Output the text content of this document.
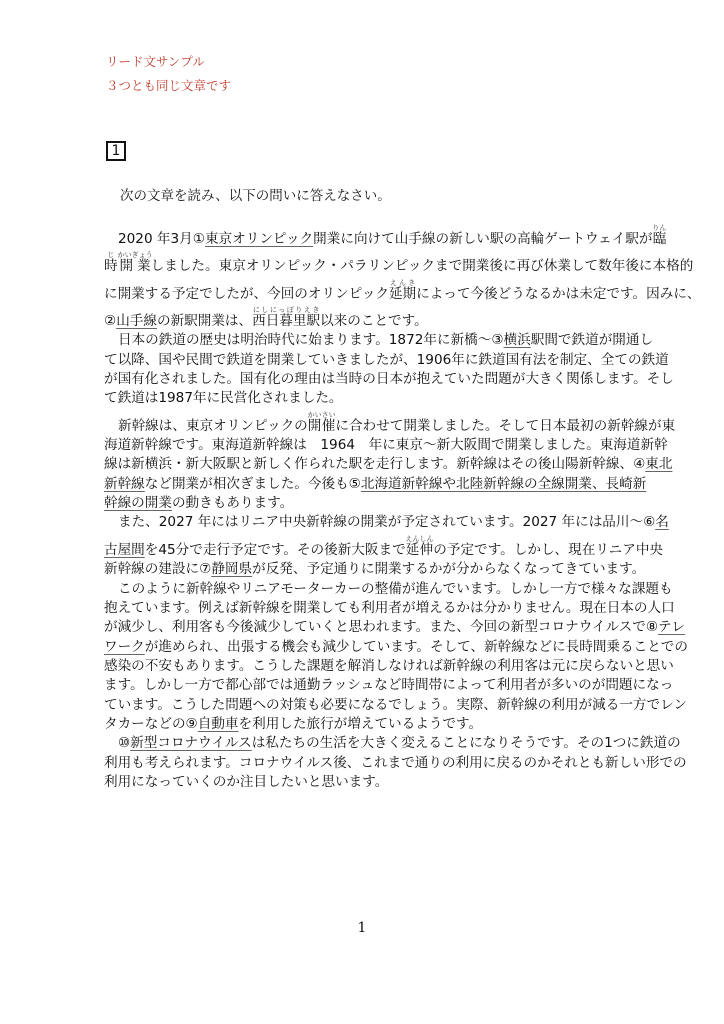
リード文サンプル
３つとも同じ文章です
1
次の文章を読み、以下の問いに答えなさい。
2020 年3月①東京オリンピック開業に向けて山手線の新しい駅の高輪ゲートウェイ駅が臨りん
時じ開業かいぎょうしました。東京オリンピック・パラリンピックまで開業後に再び休業して数年後に本格的
に開業する予定でしたが、今回のオリンピック延期えんきによって今後どうなるかは未定です。因みに、
②山手線の新駅開業は、西日暮里駅にしにっぽりえき以来のことです。
日本の鉄道の歴史は明治時代に始まります。1872年に新橋～③横浜駅間で鉄道が開通し
て以降、国や民間で鉄道を開業していきましたが、1906年に鉄道国有法を制定、全ての鉄道
が国有化されました。国有化の理由は当時の日本が抱えていた問題が大きく関係します。そし
て鉄道は1987年に民営化されました。
新幹線は、東京オリンピックの開催かいさいに合わせて開業しました。そして日本最初の新幹線が東
海道新幹線です。東海道新幹線は　1964　年に東京～新大阪間で開業しました。東海道新幹
線は新横浜・新大阪駅と新しく作られた駅を走行します。新幹線はその後山陽新幹線、④東北
新幹線など開業が相次ぎました。今後も⑤北海道新幹線や北陸新幹線の全線開業、長崎新
幹線の開業の動きもあります。
また、2027 年にはリニア中央新幹線の開業が予定されています。2027 年には品川～⑥名
古屋間を45分で走行予定です。その後新大阪まで延伸えんしんの予定です。しかし、現在リニア中央
新幹線の建設に⑦静岡県が反発、予定通りに開業するかが分からなくなってきています。
このように新幹線やリニアモーターカーの整備が進んでいます。しかし一方で様々な課題も
抱えています。例えば新幹線を開業しても利用者が増えるかは分かりません。現在日本の人口
が減少し、利用客も今後減少していくと思われます。また、今回の新型コロナウイルスで⑧テレ
ワークが進められ、出張する機会も減少しています。そして、新幹線などに長時間乗ることでの
感染の不安もあります。こうした課題を解消しなければ新幹線の利用客は元に戻らないと思い
ます。しかし一方で都心部では通勤ラッシュなど時間帯によって利用者が多いのが問題になっ
ています。こうした問題への対策も必要になるでしょう。実際、新幹線の利用が減る一方でレン
タカーなどの⑨自動車を利用した旅行が増えているようです。
⑩新型コロナウイルスは私たちの生活を大きく変えることになりそうです。その1つに鉄道の
利用も考えられます。コロナウイルス後、これまで通りの利用に戻るのかそれとも新しい形での
利用になっていくのか注目したいと思います。
1
